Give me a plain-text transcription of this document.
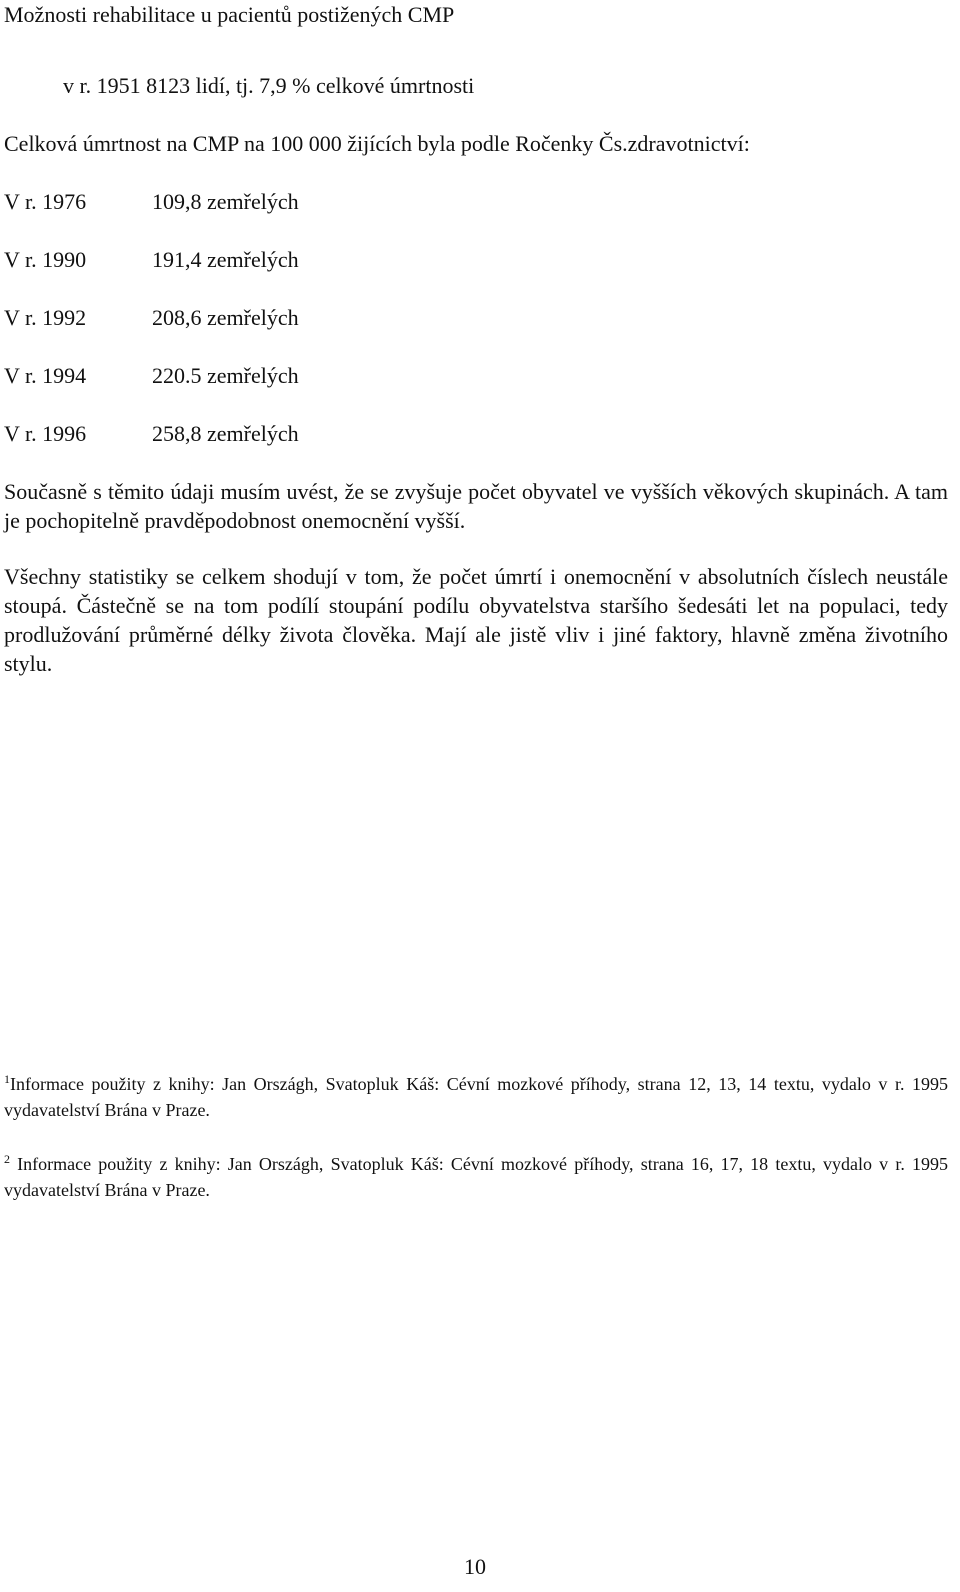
Možnosti rehabilitace u pacientů postižených CMP
v r. 1951 8123 lidí, tj. 7,9 % celkové úmrtnosti
Celková úmrtnost na CMP na 100 000 žijících byla podle Ročenky Čs.zdravotnictví:
V r. 1976	109,8 zemřelých
V r. 1990	191,4 zemřelých
V r. 1992	208,6 zemřelých
V r. 1994	220.5 zemřelých
V r. 1996	258,8 zemřelých

Současně s těmito údaji musím uvést, že se zvyšuje počet obyvatel ve vyšších věkových skupinách. A tam je pochopitelně pravděpodobnost onemocnění vyšší.

Všechny statistiky se celkem shodují v tom, že počet úmrtí i onemocnění v absolutních číslech neustále stoupá. Částečně se na tom podílí stoupání podílu obyvatelstva staršího šedesáti let na populaci, tedy prodlužování průměrné délky života člověka. Mají ale jistě vliv i jiné faktory, hlavně změna životního stylu.

$^1$Informace použity z knihy: Jan Országh, Svatopluk Káš: Cévní mozkové příhody, strana 12, 13, 14 textu, vydalo v r. 1995 vydavatelství Brána v Praze.

$^2$ Informace použity z knihy: Jan Országh, Svatopluk Káš: Cévní mozkové příhody, strana 16, 17, 18 textu, vydalo v r. 1995 vydavatelství Brána v Praze.

10
